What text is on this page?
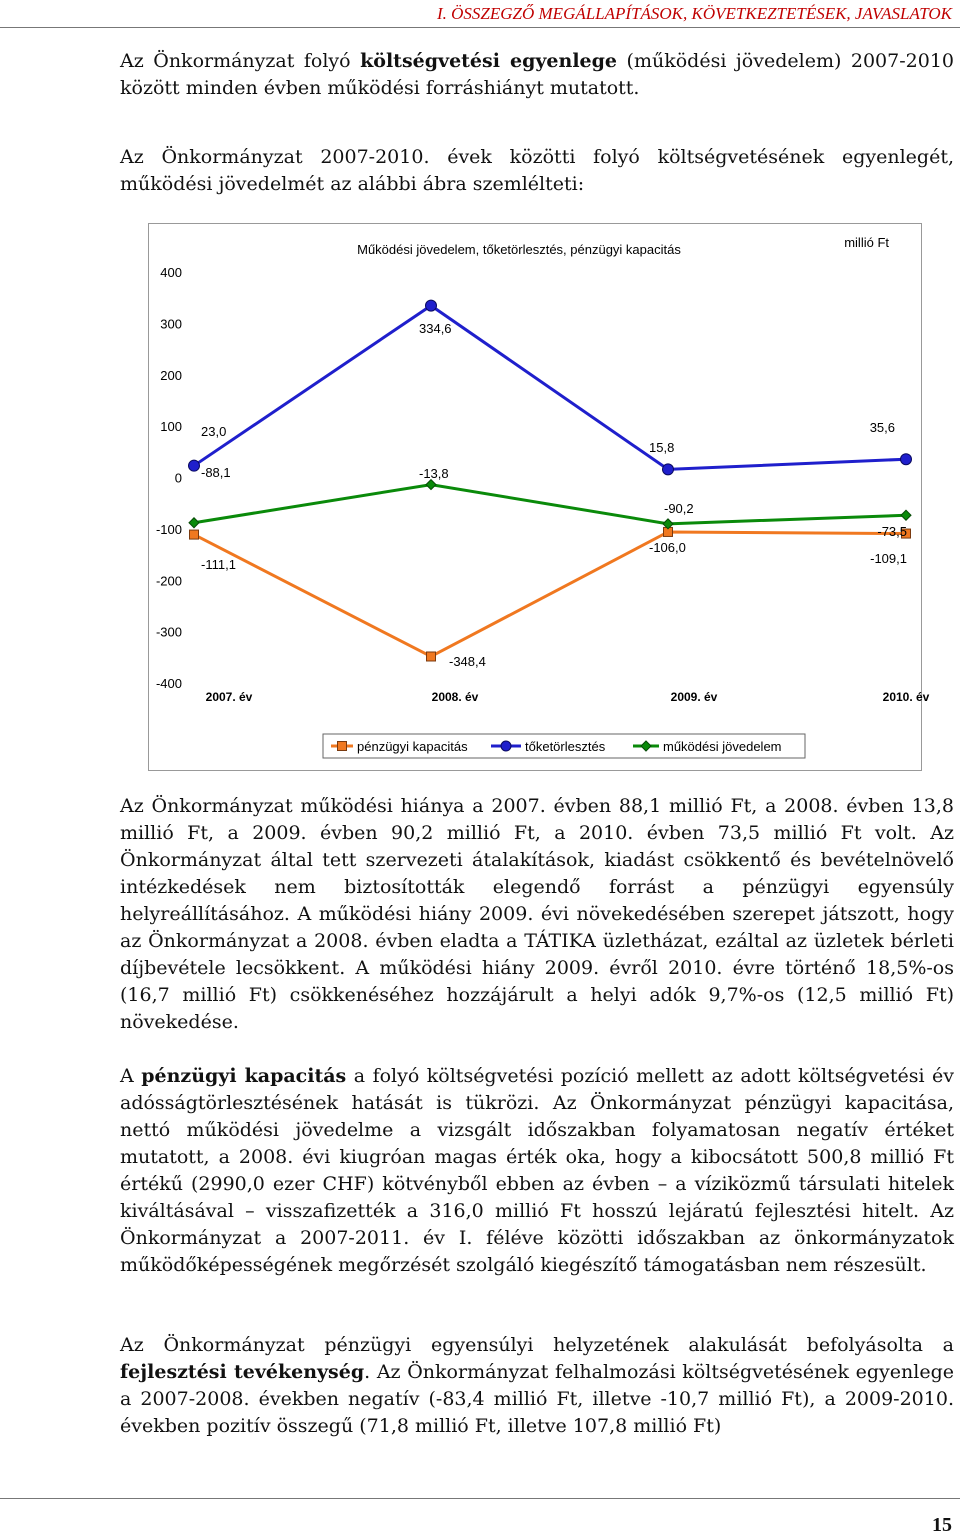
I. ÖSSZEGZŐ MEGÁLLAPÍTÁSOK, KÖVETKEZTETÉSEK, JAVASLATOK

Az Önkormányzat folyó költségvetési egyenlege (működési jövedelem) 2007-2010 között minden évben működési forráshiányt mutatott.

Az Önkormányzat 2007-2010. évek közötti folyó költségvetésének egyenlegét, működési jövedelmét az alábbi ábra szemlélteti:

Működési jövedelem, tőketörlesztés, pénzügyi kapacitás	millió Ft
400
300
200
100
0
-100
-200
-300
-400
2007. év	2008. év	2009. év	2010. év
-111,1
-348,4
-106,0
-109,1
23,0
334,6
15,8
35,6
-88,1	-13,8
-90,2
-73,5
pénzügyi kapacitás	tőketörlesztés	működési jövedelem

Az Önkormányzat működési hiánya a 2007. évben 88,1 millió Ft, a 2008. évben 13,8 millió Ft, a 2009. évben 90,2 millió Ft, a 2010. évben 73,5 millió Ft volt. Az Önkormányzat által tett szervezeti átalakítások, kiadást csökkentő és bevételnövelő intézkedések nem biztosították elegendő forrást a pénzügyi egyensúly helyreállításához. A működési hiány 2009. évi növekedésében szerepet játszott, hogy az Önkormányzat a 2008. évben eladta a TÁTIKA üzletházat, ezáltal az üzletek bérleti díjbevétele lecsökkent. A működési hiány 2009. évről 2010. évre történő 18,5%-os (16,7 millió Ft) csökkenéséhez hozzájárult a helyi adók 9,7%-os (12,5 millió Ft) növekedése.

A pénzügyi kapacitás a folyó költségvetési pozíció mellett az adott költségvetési év adósságtörlesztésének hatását is tükrözi. Az Önkormányzat pénzügyi kapacitása, nettó működési jövedelme a vizsgált időszakban folyamatosan negatív értéket mutatott, a 2008. évi kiugróan magas érték oka, hogy a kibocsátott 500,8 millió Ft értékű (2990,0 ezer CHF) kötvényből ebben az évben – a víziközmű társulati hitelek kiváltásával – visszafizették a 316,0 millió Ft hosszú lejáratú fejlesztési hitelt. Az Önkormányzat a 2007-2011. év I. féléve közötti időszakban az önkormányzatok működőképességének megőrzését szolgáló kiegészítő támogatásban nem részesült.

Az Önkormányzat pénzügyi egyensúlyi helyzetének alakulását befolyásolta a fejlesztési tevékenység. Az Önkormányzat felhalmozási költségvetésének egyenlege a 2007-2008. években negatív (-83,4 millió Ft, illetve -10,7 millió Ft), a 2009-2010. években pozitív összegű (71,8 millió Ft, illetve 107,8 millió Ft)

15
